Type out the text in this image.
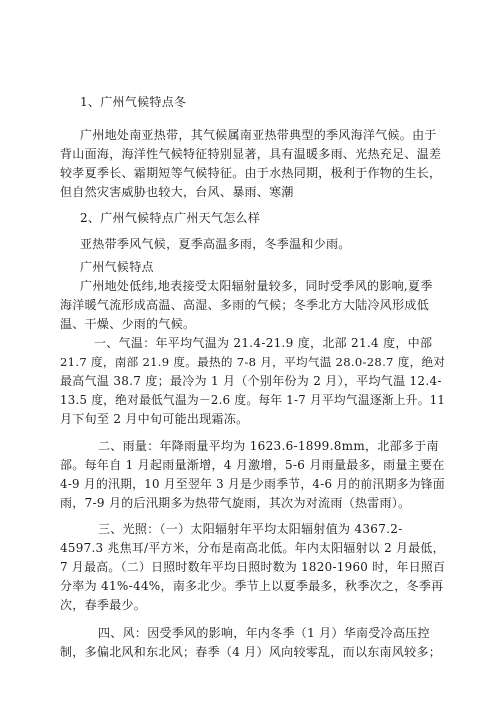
1、广州气候特点冬
广州地处南亚热带，其气候属南亚热带典型的季风海洋气候。由于
背山面海，海洋性气候特征特别显著，具有温暖多雨、光热充足、温差
较孝夏季长、霜期短等气候特征。由于水热同期，极利于作物的生长，
但自然灾害威胁也较大，台风、暴雨、寒潮
2、广州气候特点广州天气怎么样
亚热带季风气候，夏季高温多雨，冬季温和少雨。
广州气候特点
广州地处低纬,地表接受太阳辐射量较多，同时受季风的影响,夏季
海洋暖气流形成高温、高湿、多雨的气候；冬季北方大陆冷风形成低
温、干燥、少雨的气候。
一、气温：年平均气温为 21.4-21.9 度，北部 21.4 度，中部
21.7 度，南部 21.9 度。最热的 7-8 月，平均气温 28.0-28.7 度，绝对
最高气温 38.7 度；最冷为 1 月（个别年份为 2 月），平均气温 12.4-
13.5 度，绝对最低气温为－2.6 度。每年 1-7 月平均气温逐渐上升。11
月下旬至 2 月中旬可能出现霜冻。
二、雨量：年降雨量平均为 1623.6-1899.8mm，北部多于南
部。每年自 1 月起雨量渐增，4 月激增，5-6 月雨量最多，雨量主要在
4-9 月的汛期，10 月至翌年 3 月是少雨季节，4-6 月的前汛期多为锋面
雨，7-9 月的后汛期多为热带气旋雨，其次为对流雨（热雷雨）。
三、光照：（一）太阳辐射年平均太阳辐射值为 4367.2-
4597.3 兆焦耳/平方米，分布是南高北低。年内太阳辐射以 2 月最低，
7 月最高。（二）日照时数年平均日照时数为 1820-1960 时，年日照百
分率为 41%-44%，南多北少。季节上以夏季最多，秋季次之，冬季再
次，春季最少。
四、风：因受季风的影响，年内冬季（1 月）华南受冷高压控
制，多偏北风和东北风；春季（4 月）风向较零乱，而以东南风较多；
